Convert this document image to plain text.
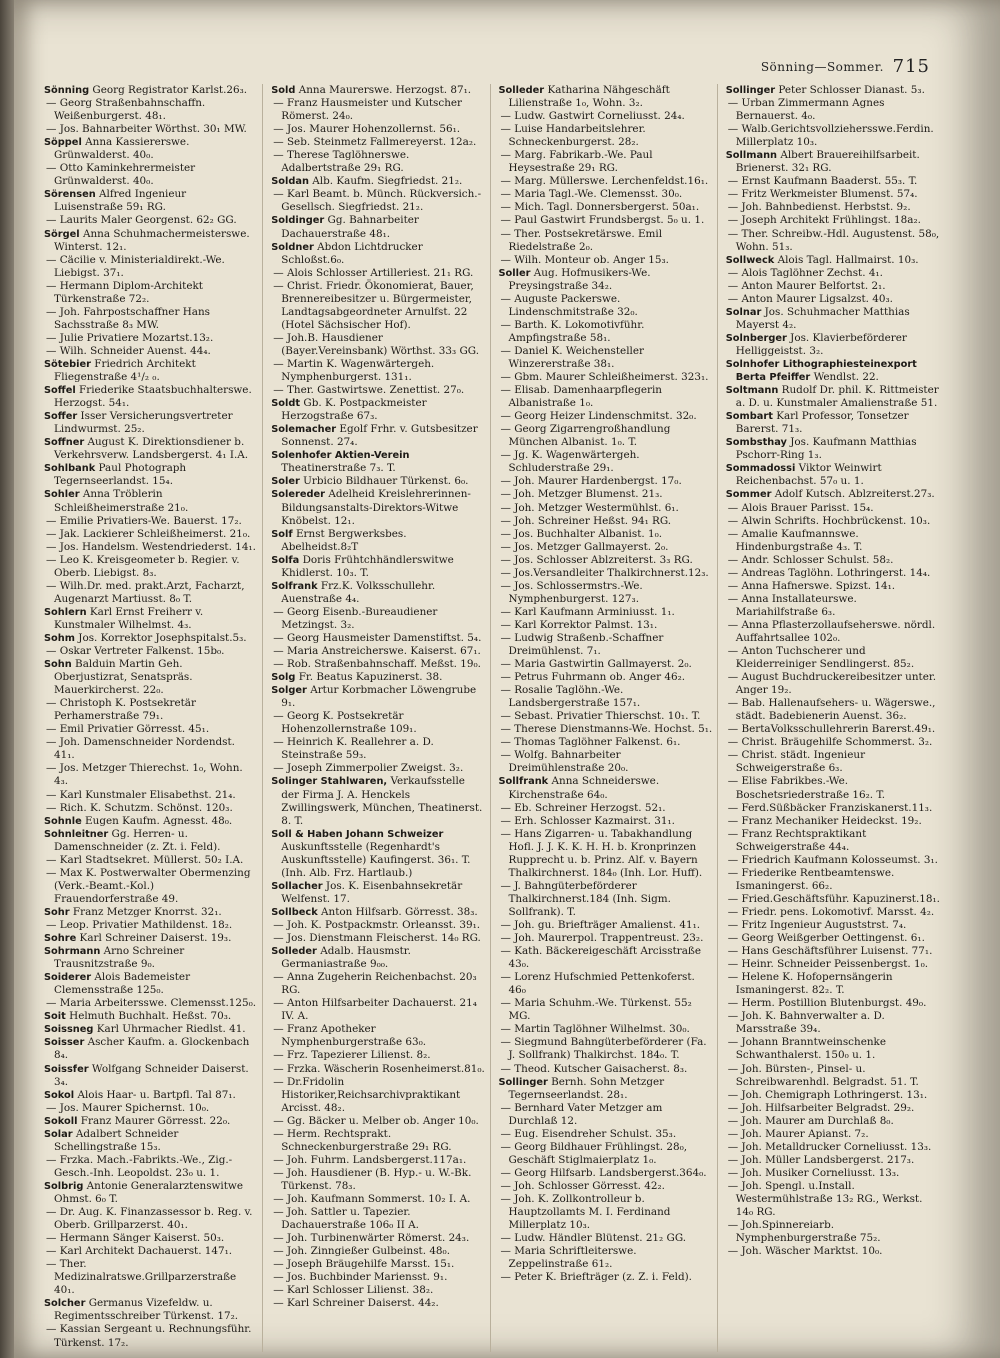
Sönning—Sommer. 715

Sönning Georg Registrator Karlst.26₃.

— Georg Straßenbahnschaffn. Weißenburgerst. 48₁.

— Jos. Bahnarbeiter Wörthst. 30₁ MW.

Söppel Anna Kassiererswe. Grünwalderst. 40₀.

— Otto Kaminkehrermeister Grünwalderst. 40₀.

Sörensen Alfred Ingenieur Luisenstraße 59₁ RG.

— Laurits Maler Georgenst. 62₂ GG.

Sörgel Anna Schuhmachermeisterswe. Winterst. 12₁.

— Cäcilie v. Ministerialdirekt.-We. Liebigst. 37₁.

— Hermann Diplom-Architekt Türkenstraße 72₂.

— Joh. Fahrpostschaffner Hans Sachsstraße 8₃ MW.

— Julie Privatiere Mozartst.13₂.

— Wilh. Schneider Auenst. 44₄.

Sötebier Friedrich Architekt Fliegenstraße 4¹/₂ ₀.

Soffel Friederike Staatsbuchhalterswe. Herzogst. 54₁.

Soffer Isser Versicherungsvertreter Lindwurmst. 25₂.

Soffner August K. Direktionsdiener b. Verkehrsverw. Landsbergerst. 4₁ I.A.

Sohlbank Paul Photograph Tegernseerlandst. 15₄.

Sohler Anna Tröblerin Schleißheimerstraße 21₀.

— Emilie Privatiers-We. Bauerst. 17₂.

— Jak. Lackierer Schleißheimerst. 21₀.

— Jos. Handelsm. Westendriederst. 14₁.

— Leo K. Kreisgeometer b. Regier. v. Oberb. Liebigst. 8₃.

— Wilh.Dr. med. prakt.Arzt, Facharzt, Augenarzt Martiusst. 8₀ T.

Sohlern Karl Ernst Freiherr v. Kunstmaler Wilhelmst. 4₃.

Sohm Jos. Korrektor Josephspitalst.5₃.

— Oskar Vertreter Falkenst. 15b₀.

Sohn Balduin Martin Geh. Oberjustizrat, Senatspräs. Mauerkircherst. 22₀.

— Christoph K. Postsekretär Perhamerstraße 79₁.

— Emil Privatier Görresst. 45₁.

— Joh. Damenschneider Nordendst. 41₁.

— Jos. Metzger Thierechst. 1₀, Wohn. 4₃.

— Karl Kunstmaler Elisabethst. 21₄.

— Rich. K. Schutzm. Schönst. 120₃.

Sohnle Eugen Kaufm. Agnesst. 48₀.

Sohnleitner Gg. Herren- u. Damenschneider (z. Zt. i. Feld).

— Karl Stadtsekret. Müllerst. 50₂ I.A.

— Max K. Postwerwalter Obermenzing (Verk.-Beamt.-Kol.) Frauendorferstraße 49.

Sohr Franz Metzger Knorrst. 32₁.

— Leop. Privatier Mathildenst. 18₂.

Sohre Karl Schreiner Daiserst. 19₃.

Sohrmann Arno Schreiner Trausnitzstraße 9₀.

Soiderer Alois Bademeister Clemensstraße 125₀.

— Maria Arbeitersswe. Clemensst.125₀.

Soit Helmuth Buchhalt. Heßst. 70₃.

Soissneg Karl Uhrmacher Riedlst. 41.

Soisser Ascher Kaufm. a. Glockenbach 8₄.

Soissfer Wolfgang Schneider Daiserst. 3₄.

Sokol Alois Haar- u. Bartpfl. Tal 87₁.

— Jos. Maurer Spichernst. 10₀.

Sokoll Franz Maurer Görresst. 22₀.

Solar Adalbert Schneider Schellingstraße 15₃.

— Frzka. Mach.-Fabrikts.-We., Zig.-Gesch.-Inh. Leopoldst. 23₀ u. 1.

Solbrig Antonie Generalarztenswitwe Ohmst. 6₀ T.

— Dr. Aug. K. Finanzassessor b. Reg. v. Oberb. Grillparzerst. 40₁.

— Hermann Sänger Kaiserst. 50₃.

— Karl Architekt Dachauerst. 147₁.

— Ther. Medizinalratswe.Grillparzerstraße 40₁.

Solcher Germanus Vizefeldw. u. Regimentsschreiber Türkenst. 17₂.

— Kassian Sergeant u. Rechnungsführ. Türkenst. 17₂.

Sold Anna Maurerswe. Herzogst. 87₁.

— Franz Hausmeister und Kutscher Römerst. 24₀.

— Jos. Maurer Hohenzollernst. 56₁.

— Seb. Steinmetz Fallmereyerst. 12a₂.

— Therese Taglöhnerswe. Adalbertstraße 29₁ RG.

Soldan Alb. Kaufm. Siegfriedst. 21₂.

— Karl Beamt. b. Münch. Rückversich.-Gesellsch. Siegfriedst. 21₂.

Soldinger Gg. Bahnarbeiter Dachauerstraße 48₁.

Soldner Abdon Lichtdrucker Schloßst.6₀.

— Alois Schlosser Artilleriest. 21₁ RG.

— Christ. Friedr. Ökonomierat, Bauer, Brennereibesitzer u. Bürgermeister, Landtagsabgeordneter Arnulfst. 22 (Hotel Sächsischer Hof).

— Joh.B. Hausdiener (Bayer.Vereinsbank) Wörthst. 33₃ GG.

— Martin K. Wagenwärtergeh. Nymphenburgerst. 131₁.

— Ther. Gastwirtswe. Zenettist. 27₀.

Soldt Gb. K. Postpackmeister Herzogstraße 67₃.

Solemacher Egolf Frhr. v. Gutsbesitzer Sonnenst. 27₄.

Solenhofer Aktien-Verein Theatinerstraße 7₃. T.

Soler Urbicio Bildhauer Türkenst. 6₀.

Solereder Adelheid Kreislehrerinnen-Bildungsanstalts-Direktors-Witwe Knöbelst. 12₁.

Solf Ernst Bergwerksbes. Abelheidst.8₂T

Solfa Doris Frühtchhändlerswitwe Khidlerst. 10₃. T.

Solfrank Frz.K. Volksschullehr. Auenstraße 4₄.

— Georg Eisenb.-Bureaudiener Metzingst. 3₂.

— Georg Hausmeister Damenstiftst. 5₄.

— Maria Anstreicherswe. Kaiserst. 67₁.

— Rob. Straßenbahnschaff. Meßst. 19₀.

Solg Fr. Beatus Kapuzinerst. 38.

Solger Artur Korbmacher Löwengrube 9₁.

— Georg K. Postsekretär Hohenzollernstraße 109₁.

— Heinrich K. Reallehrer a. D. Steinstraße 59₃.

— Joseph Zimmerpolier Zweigst. 3₂.

Solinger Stahlwaren, Verkaufsstelle der Firma J. A. Henckels Zwillingswerk, München, Theatinerst. 8. T.

Soll & Haben Johann Schweizer Auskunftsstelle (Regenhardt's Auskunftsstelle) Kaufingerst. 36₁. T. (Inh. Alb. Frz. Hartlaub.)

Sollacher Jos. K. Eisenbahnsekretär Welfenst. 17.

Sollbeck Anton Hilfsarb. Görresst. 38₃.

— Joh. K. Postpackmstr. Orleansst. 39₁.

— Jos. Dienstmann Fleischerst. 14₀ RG.

Solleder Adalb. Hausmstr. Germaniastraße 9₀₀.

— Anna Zugeherin Reichenbachst. 20₃ RG.

— Anton Hilfsarbeiter Dachauerst. 21₄ IV. A.

— Franz Apotheker Nymphenburgerstraße 63₀.

— Frz. Tapezierer Lilienst. 8₂.

— Frzka. Wäscherin Rosenheimerst.81₀.

— Dr.Fridolin Historiker,Reichsarchivpraktikant Arcisst. 48₂.

— Gg. Bäcker u. Melber ob. Anger 10₀.

— Herm. Rechtsprakt. Schneckenburgerstraße 29₁ RG.

— Joh. Fuhrm. Landsbergerst.117a₁.

— Joh. Hausdiener (B. Hyp.- u. W.-Bk. Türkenst. 78₃.

— Joh. Kaufmann Sommerst. 10₂ I. A.

— Joh. Sattler u. Tapezier. Dachauerstraße 106₀ II A.

— Joh. Turbinenwärter Römerst. 24₃.

— Joh. Zinngießer Gulbeinst. 48₀.

— Joseph Bräugehilfe Marsst. 15₁.

— Jos. Buchbinder Mariensst. 9₁.

— Karl Schlosser Lilienst. 38₂.

— Karl Schreiner Daiserst. 44₂.

Solleder Katharina Nähgeschäft Lilienstraße 1₀, Wohn. 3₂.

— Ludw. Gastwirt Corneliusst. 24₄.

— Luise Handarbeitslehrer. Schneckenburgerst. 28₂.

— Marg. Fabrikarb.-We. Paul Heysestraße 29₁ RG.

— Marg. Müllerswe. Lerchenfeldst.16₁.

— Maria Tagl.-We. Clemensst. 30₀.

— Mich. Tagl. Donnersbergerst. 50a₁.

— Paul Gastwirt Frundsbergst. 5₀ u. 1.

— Ther. Postsekretärswe. Emil Riedelstraße 2₀.

— Wilh. Monteur ob. Anger 15₃.

Soller Aug. Hofmusikers-We. Preysingstraße 34₂.

— Auguste Packerswe. Lindenschmitstraße 32₀.

— Barth. K. Lokomotivführ. Ampfingstraße 58₁.

— Daniel K. Weichensteller Winzererstraße 38₁.

— Gbm. Maurer Schleißheimerst. 323₁.

— Elisab. Damenhaarpflegerin Albanistraße 1₀.

— Georg Heizer Lindenschmitst. 32₀.

— Georg Zigarrengroßhandlung München Albanist. 1₀. T.

— Jg. K. Wagenwärtergeh. Schluderstraße 29₁.

— Joh. Maurer Hardenbergst. 17₀.

— Joh. Metzger Blumenst. 21₃.

— Joh. Metzger Westermühlst. 6₁.

— Joh. Schreiner Heßst. 94₁ RG.

— Jos. Buchhalter Albanist. 1₀.

— Jos. Metzger Gallmayerst. 2₀.

— Jos. Schlosser Ablzreiterst. 3₃ RG.

— Jos.Versandleiter Thalkirchnerst.12₃.

— Jos. Schlossermstrs.-We. Nymphenburgerst. 127₃.

— Karl Kaufmann Arminiusst. 1₁.

— Karl Korrektor Palmst. 13₁.

— Ludwig Straßenb.-Schaffner Dreimühlenst. 7₁.

— Maria Gastwirtin Gallmayerst. 2₀.

— Petrus Fuhrmann ob. Anger 46₂.

— Rosalie Taglöhn.-We. Landsbergerstraße 157₁.

— Sebast. Privatier Thierschst. 10₁. T.

— Therese Dienstmanns-We. Hochst. 5₁.

— Thomas Taglöhner Falkenst. 6₁.

— Wolfg. Bahnarbeiter Dreimühlenstraße 20₀.

Sollfrank Anna Schneiderswe. Kirchenstraße 64₀.

— Eb. Schreiner Herzogst. 52₁.

— Erh. Schlosser Kazmairst. 31₁.

— Hans Zigarren- u. Tabakhandlung Hofl. J. J. K. K. H. H. b. Kronprinzen Rupprecht u. b. Prinz. Alf. v. Bayern Thalkirchnerst. 184₀ (Inh. Lor. Huff).

— J. Bahngüterbeförderer Thalkirchnerst.184 (Inh. Sigm. Sollfrank). T.

— Joh. gu. Briefträger Amalienst. 41₁.

— Joh. Maurerpol. Trappentreust. 23₂.

— Kath. Bäckereigeschäft Arcisstraße 43₀.

— Lorenz Hufschmied Pettenkoferst. 46₀

— Maria Schuhm.-We. Türkenst. 55₂ MG.

— Martin Taglöhner Wilhelmst. 30₀.

— Siegmund Bahngüterbeförderer (Fa. J. Sollfrank) Thalkirchst. 184₀. T.

— Theod. Kutscher Gaisacherst. 8₃.

Sollinger Bernh. Sohn Metzger Tegernseerlandst. 28₁.

— Bernhard Vater Metzger am Durchlaß 12.

— Eug. Eisendreher Schulst. 35₃.

— Georg Bildhauer Frühlingst. 28₀, Geschäft Stiglmaierplatz 1₀.

— Georg Hilfsarb. Landsbergerst.364₀.

— Joh. Schlosser Görresst. 42₂.

— Joh. K. Zollkontrolleur b. Hauptzollamts M. I. Ferdinand Millerplatz 10₃.

— Ludw. Händler Blütenst. 21₂ GG.

— Maria Schriftleiterswe. Zeppelinstraße 61₂.

— Peter K. Briefträger (z. Z. i. Feld).

Sollinger Peter Schlosser Dianast. 5₃.

— Urban Zimmermann Agnes Bernauerst. 4₀.

— Walb.Gerichtsvollziehersswe.Ferdin. Millerplatz 10₃.

Sollmann Albert Brauereihilfsarbeit. Brienerst. 32₁ RG.

— Ernst Kaufmann Baaderst. 55₃. T.

— Fritz Werkmeister Blumenst. 57₄.

— Joh. Bahnbedienst. Herbstst. 9₂.

— Joseph Architekt Frühlingst. 18a₂.

— Ther. Schreibw.-Hdl. Augustenst. 58₀, Wohn. 51₃.

Sollweck Alois Tagl. Hallmairst. 10₃.

— Alois Taglöhner Zechst. 4₁.

— Anton Maurer Belfortst. 2₁.

— Anton Maurer Ligsalzst. 40₃.

Solnar Jos. Schuhmacher Matthias Mayerst 4₂.

Solnberger Jos. Klavierbeförderer Helliggeistst. 3₂.

Solnhofer Lithographiesteinexport Berta Pfeiffer Wendlst. 22.

Soltmann Rudolf Dr. phil. K. Rittmeister a. D. u. Kunstmaler Amalienstraße 51.

Sombart Karl Professor, Tonsetzer Barerst. 71₃.

Sombsthay Jos. Kaufmann Matthias Pschorr-Ring 1₃.

Sommadossi Viktor Weinwirt Reichenbachst. 57₀ u. 1.

Sommer Adolf Kutsch. Ablzreiterst.27₃.

— Alois Brauer Parisst. 15₄.

— Alwin Schrifts. Hochbrückenst. 10₃.

— Amalie Kaufmannswe. Hindenburgstraße 4₃. T.

— Andr. Schlosser Schulst. 58₂.

— Andreas Taglöhn. Lothringerst. 14₄.

— Anna Hafnerswe. Spizst. 14₁.

— Anna Installateurswe. Mariahilfstraße 6₃.

— Anna Pflasterzollaufseherswe. nördl. Auffahrtsallee 102₀.

— Anton Tuchscherer und Kleiderreiniger Sendlingerst. 85₂.

— August Buchdruckereibesitzer unter. Anger 19₂.

— Bab. Hallenaufsehers- u. Wägerswe., städt. Badebienerin Auenst. 36₂.

— BertaVolksschullehrerin Barerst.49₁.

— Christ. Bräugehilfe Schommerst. 3₂.

— Christ. städt. Ingenieur Schweigerstraße 6₃.

— Elise Fabrikbes.-We. Boschetsriederstraße 16₂. T.

— Ferd.Süßbäcker Franziskanerst.11₃.

— Franz Mechaniker Heideckst. 19₂.

— Franz Rechtspraktikant Schweigerstraße 44₄.

— Friedrich Kaufmann Kolosseumst. 3₁.

— Friederike Rentbeamtenswe. Ismaningerst. 66₂.

— Fried.Geschäftsführ. Kapuzinerst.18₁.

— Friedr. pens. Lokomotivf. Marsst. 4₂.

— Fritz Ingenieur Auguststrst. 7₄.

— Georg Weißgerber Oettingenst. 6₁.

— Hans Geschäftsführer Luisenst. 77₁.

— Heinr. Schneider Peissenbergst. 1₀.

— Helene K. Hofopernsängerin Ismaningerst. 82₂. T.

— Herm. Postillion Blutenburgst. 49₀.

— Joh. K. Bahnverwalter a. D. Marsstraße 39₄.

— Johann Branntweinschenke Schwanthalerst. 150₀ u. 1.

— Joh. Bürsten-, Pinsel- u. Schreibwarenhdl. Belgradst. 51. T.

— Joh. Chemigraph Lothringerst. 13₁.

— Joh. Hilfsarbeiter Belgradst. 29₂.

— Joh. Maurer am Durchlaß 8₀.

— Joh. Maurer Apianst. 7₂.

— Joh. Metalldrucker Corneliusst. 13₃.

— Joh. Müller Landsbergerst. 217₃.

— Joh. Musiker Corneliusst. 13₃.

— Joh. Spengl. u.Install. Westermühlstraße 13₂ RG., Werkst. 14₀ RG.

— Joh.Spinnereiarb. Nymphenburgerstraße 75₂.

— Joh. Wäscher Marktst. 10₀.
